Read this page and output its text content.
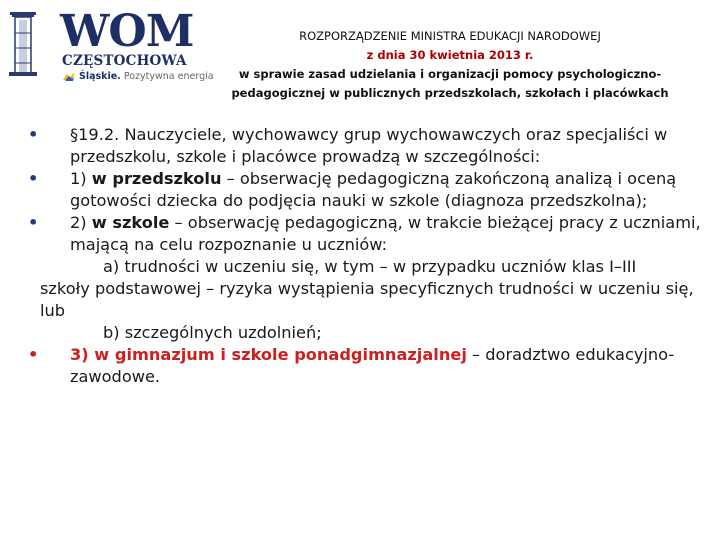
WOM
CZĘSTOCHOWA
Śląskie. Pozytywna energia
ROZPORZĄDZENIE MINISTRA EDUKACJI NARODOWEJ
z dnia 30 kwietnia 2013 r.
w sprawie zasad udzielania i organizacji pomocy psychologiczno-
pedagogicznej w publicznych przedszkolach, szkołach i placówkach
• §19.2. Nauczyciele, wychowawcy grup wychowawczych oraz specjaliści w przedszkolu, szkole i placówce prowadzą w szczególności:
• 1) w przedszkolu – obserwację pedagogiczną zakończoną analizą i oceną gotowości dziecka do podjęcia nauki w szkole (diagnoza przedszkolna);
• 2) w szkole – obserwację pedagogiczną, w trakcie bieżącej pracy z uczniami, mającą na celu rozpoznanie u uczniów:
a) trudności w uczeniu się, w tym – w przypadku uczniów klas I–III
szkoły podstawowej – ryzyka wystąpienia specyficznych trudności w uczeniu się, lub
b) szczególnych uzdolnień;
• 3) w gimnazjum i szkole ponadgimnazjalnej – doradztwo edukacyjno-zawodowe.
